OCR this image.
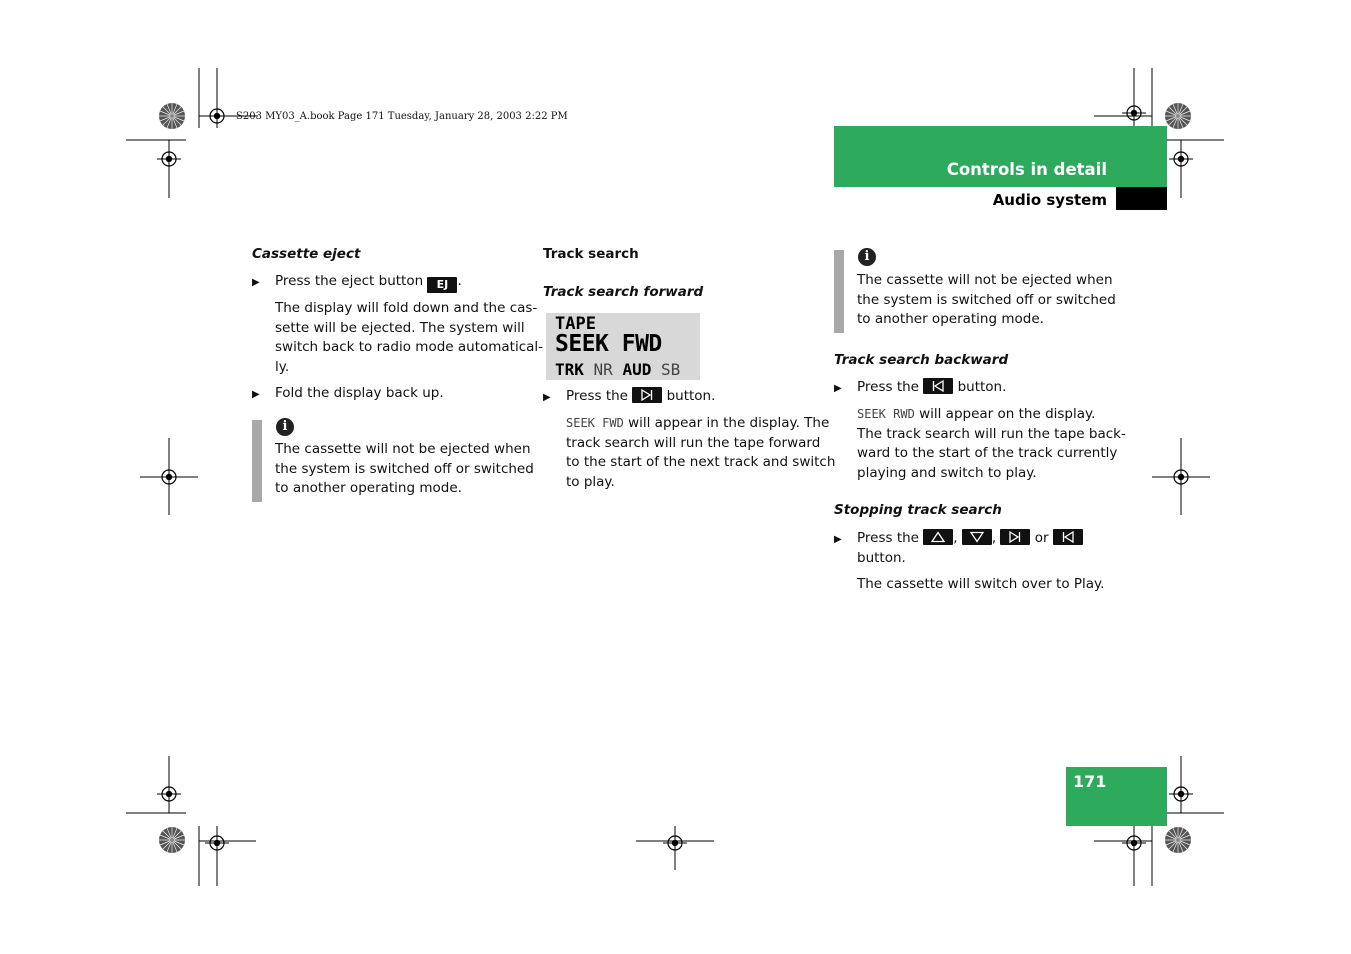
S203 MY03_A.book Page 171 Tuesday, January 28, 2003 2:22 PM
Controls in detail
Audio system
171
Cassette eject
▶ Press the eject button EJ .
The display will fold down and the cas-
sette will be ejected. The system will
switch back to radio mode automatical-
ly.
▶ Fold the display back up.
i
The cassette will not be ejected when
the system is switched off or switched
to another operating mode.
Track search
Track search forward
TAPE
SEEK FWD
TRK NR AUD SB
▶ Press the	button.
SEEK FWD will appear in the display. The
track search will run the tape forward
to the start of the next track and switch
to play.
i
The cassette will not be ejected when
the system is switched off or switched
to another operating mode.
Track search backward
▶ Press the	button.
SEEK RWD will appear on the display.
The track search will run the tape back-
ward to the start of the track currently
playing and switch to play.
Stopping track search
▶ Press the	,	,	or
button.
The cassette will switch over to Play.
